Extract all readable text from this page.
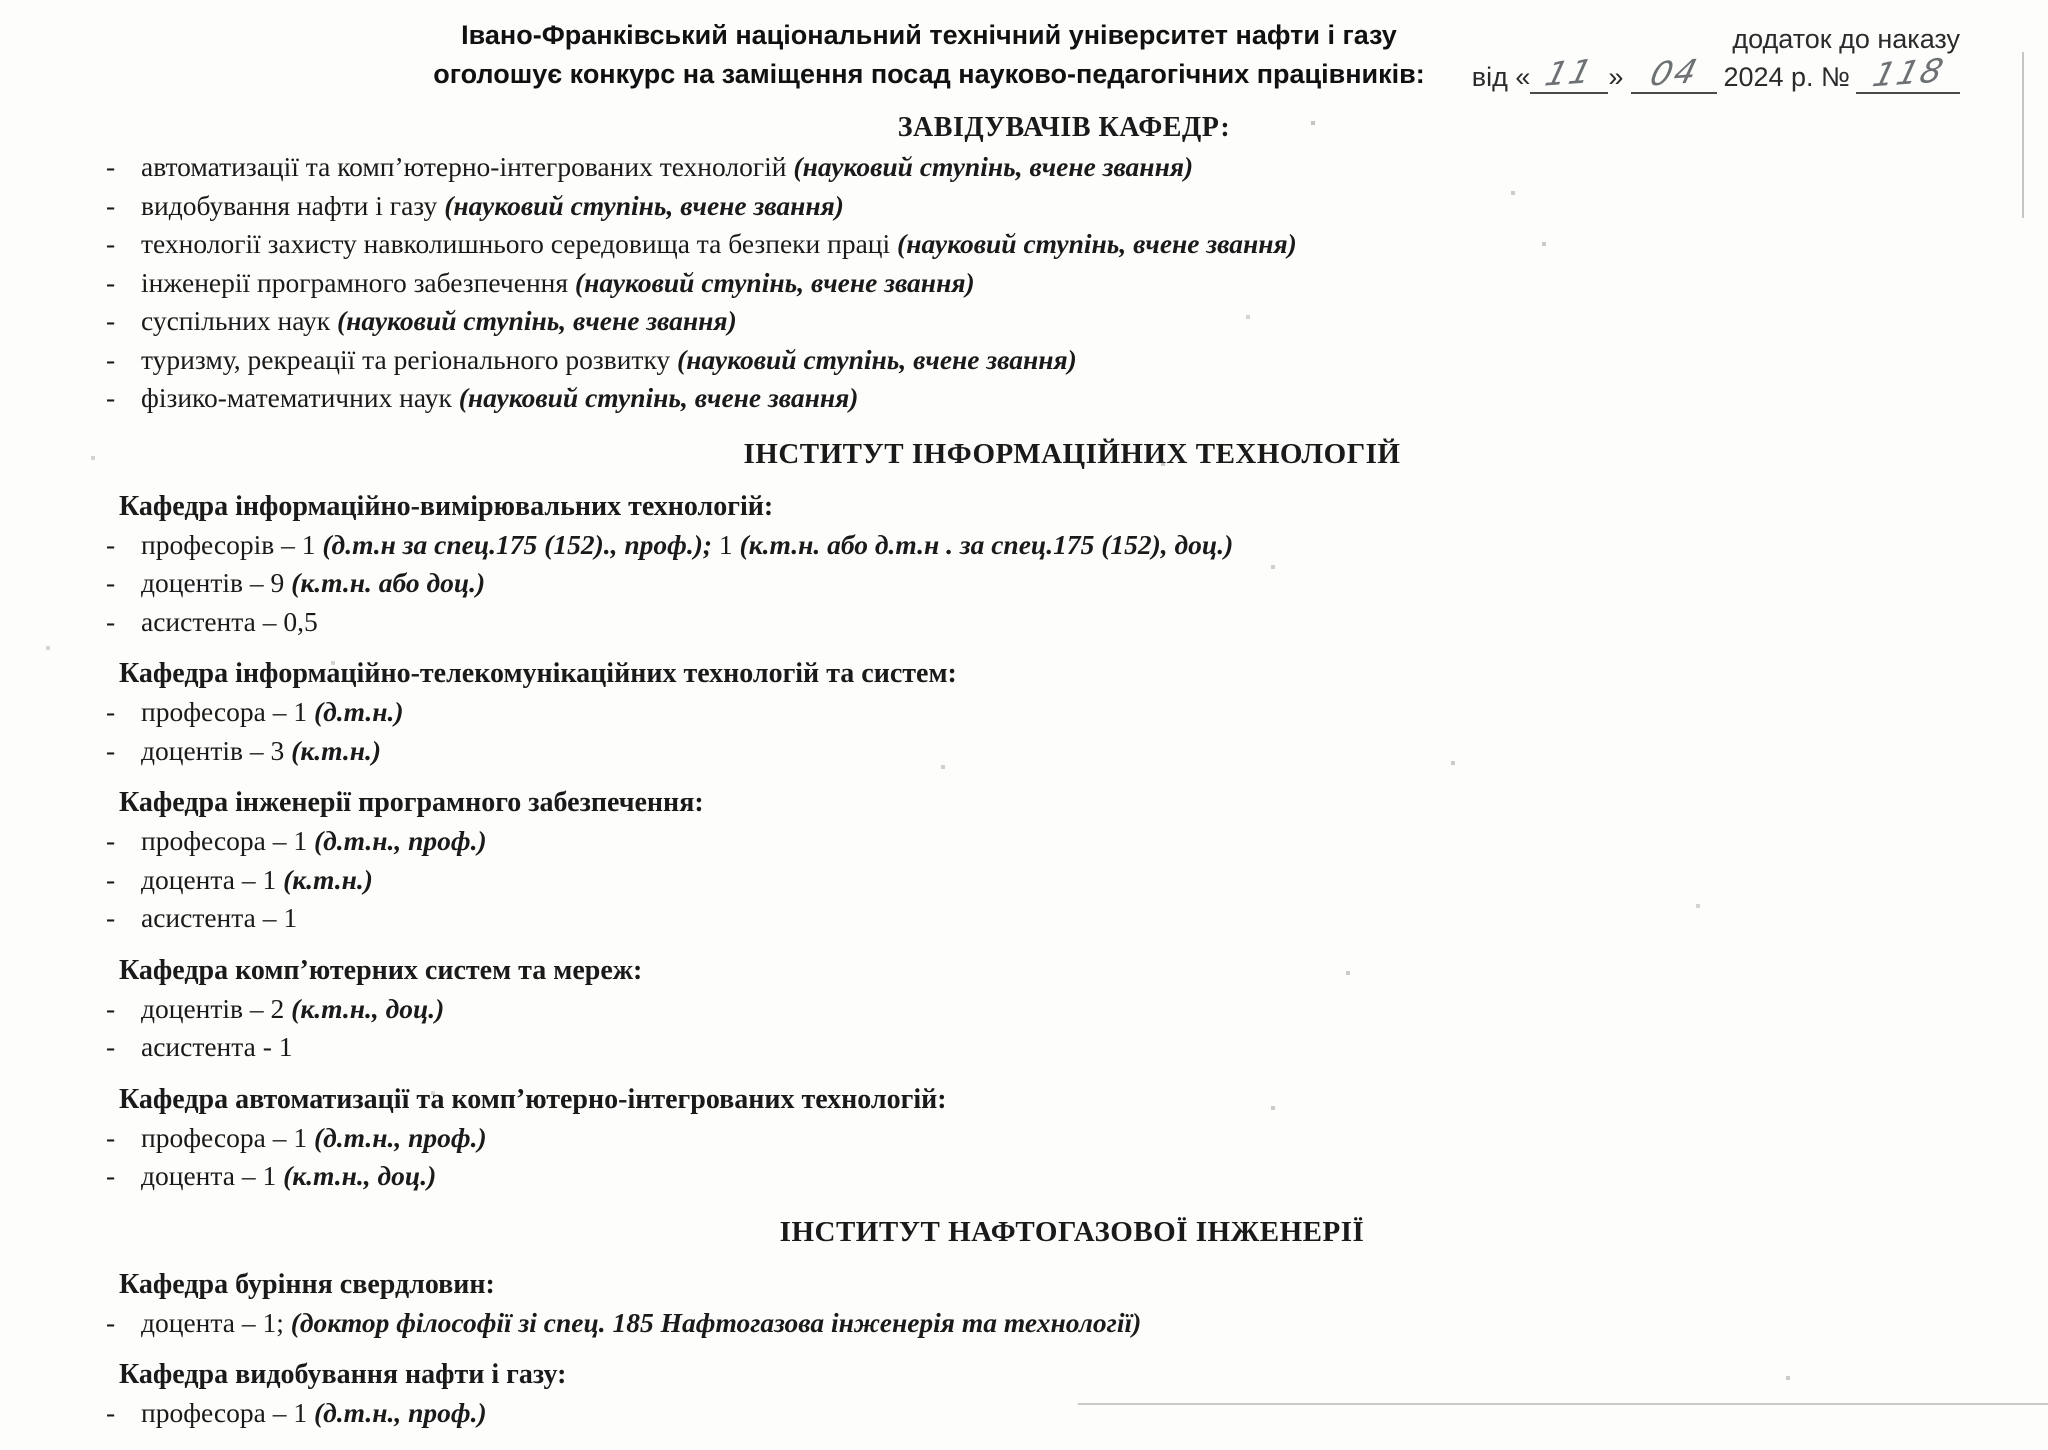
Івано-Франківський національний технічний університет нафти і газу
оголошує конкурс на заміщення посад науково-педагогічних працівників:
додаток до наказу
від « 11 » 04 2024 р. № 118
ЗАВІДУВАЧІВ КАФЕДР:
- автоматизації та комп’ютерно-інтегрованих технологій (науковий ступінь, вчене звання)
- видобування нафти і газу (науковий ступінь, вчене звання)
- технології захисту навколишнього середовища та безпеки праці (науковий ступінь, вчене звання)
- інженерії програмного забезпечення (науковий ступінь, вчене звання)
- суспільних наук (науковий ступінь, вчене звання)
- туризму, рекреації та регіонального розвитку (науковий ступінь, вчене звання)
- фізико-математичних наук (науковий ступінь, вчене звання)
ІНСТИТУТ ІНФОРМАЦІЙНИХ ТЕХНОЛОГІЙ
Кафедра інформаційно-вимірювальних технологій:
- професорів – 1 (д.т.н за спец.175 (152)., проф.); 1 (к.т.н. або д.т.н . за спец.175 (152), доц.)
- доцентів – 9 (к.т.н. або доц.)
- асистента – 0,5
Кафедра інформаційно-телекомунікаційних технологій та систем:
- професора – 1 (д.т.н.)
- доцентів – 3 (к.т.н.)
Кафедра інженерії програмного забезпечення:
- професора – 1 (д.т.н., проф.)
- доцента – 1 (к.т.н.)
- асистента – 1
Кафедра комп’ютерних систем та мереж:
- доцентів – 2 (к.т.н., доц.)
- асистента - 1
Кафедра автоматизації та комп’ютерно-інтегрованих технологій:
- професора – 1 (д.т.н., проф.)
- доцента – 1 (к.т.н., доц.)
ІНСТИТУТ НАФТОГАЗОВОЇ ІНЖЕНЕРІЇ
Кафедра буріння свердловин:
- доцента – 1; (доктор філософії зі спец. 185 Нафтогазова інженерія та технології)
Кафедра видобування нафти і газу:
- професора – 1 (д.т.н., проф.)
